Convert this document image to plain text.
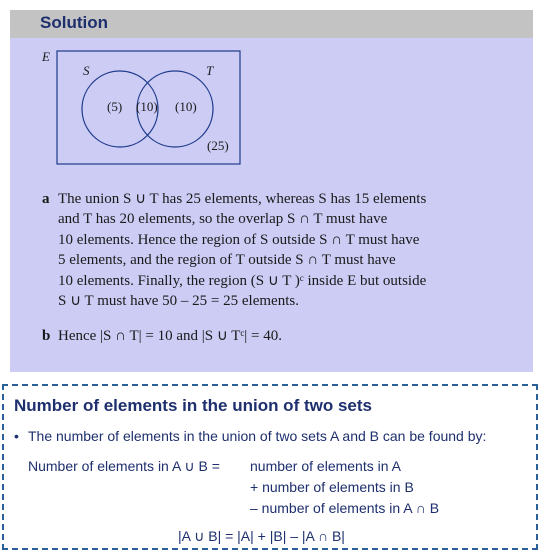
Solution
E
S	T
(5) (10) (10)
(25)
a The union S ∪ T has 25 elements, whereas S has 15 elements
and T has 20 elements, so the overlap S ∩ T must have
10 elements. Hence the region of S outside S ∩ T must have
5 elements, and the region of T outside S ∩ T must have
10 elements. Finally, the region (S ∪ T )ᶜ inside E but outside
S ∪ T must have 50 – 25 = 25 elements.
b Hence |S ∩ T| = 10 and |S ∪ Tᶜ| = 40.
Number of elements in the union of two sets
• The number of elements in the union of two sets A and B can be found by:
Number of elements in A ∪ B = number of elements in A
+ number of elements in B
– number of elements in A ∩ B
|A ∪ B| = |A| + |B| – |A ∩ B|
